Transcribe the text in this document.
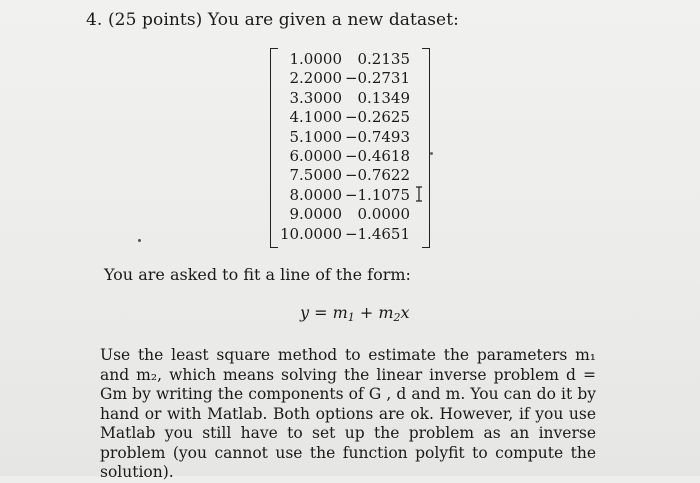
4. (25 points) You are given a new dataset:
1.0000	0.2135
2.2000 −0.2731
3.3000	0.1349
4.1000 −0.2625
5.1000 −0.7493
6.0000 −0.4618
7.5000 −0.7622
8.0000 −1.1075
9.0000	0.0000
10.0000 −1.4651
You are asked to fit a line of the form:
$y = m_1 + m_2x$
Use the least square method to estimate the parameters m₁ and m₂, which means solving the linear inverse problem d = Gm by writing the components of G , d and m. You can do it by hand or with Matlab. Both options are ok. However, if you use Matlab you still have to set up the problem as an inverse problem (you cannot use the function polyfit to compute the solution).
